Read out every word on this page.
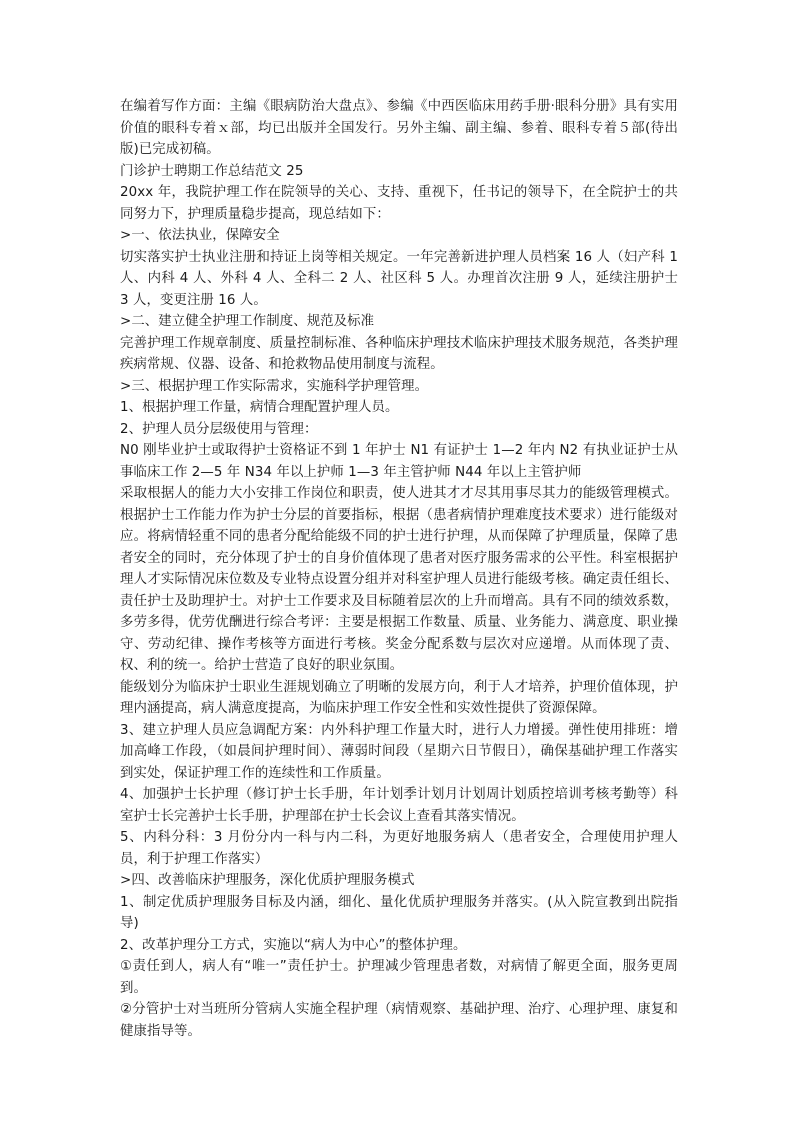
在编着写作方面：主编《眼病防治大盘点》、参编《中西医临床用药手册·眼科分册》具有实用价值的眼科专着ｘ部，均已出版并全国发行。另外主编、副主编、参着、眼科专着５部(待出版)已完成初稿。

门诊护士聘期工作总结范文 25

20xx 年，我院护理工作在院领导的关心、支持、重视下，任书记的领导下，在全院护士的共同努力下，护理质量稳步提高，现总结如下：

>一、依法执业，保障安全

切实落实护士执业注册和持证上岗等相关规定。一年完善新进护理人员档案 16 人（妇产科 1 人、内科 4 人、外科 4 人、全科二 2 人、社区科 5 人。办理首次注册 9 人，延续注册护士 3 人，变更注册 16 人。

>二、建立健全护理工作制度、规范及标准

完善护理工作规章制度、质量控制标准、各种临床护理技术临床护理技术服务规范，各类护理疾病常规、仪器、设备、和抢救物品使用制度与流程。

>三、根据护理工作实际需求，实施科学护理管理。

1、根据护理工作量，病情合理配置护理人员。

2、护理人员分层级使用与管理：

N0 刚毕业护士或取得护士资格证不到 1 年护士 N1 有证护士 1—2 年内 N2 有执业证护士从事临床工作 2—5 年 N34 年以上护师 1—3 年主管护师 N44 年以上主管护师

采取根据人的能力大小安排工作岗位和职责，使人进其才才尽其用事尽其力的能级管理模式。根据护士工作能力作为护士分层的首要指标，根据（患者病情护理难度技术要求）进行能级对应。将病情轻重不同的患者分配给能级不同的护士进行护理，从而保障了护理质量，保障了患者安全的同时，充分体现了护士的自身价值体现了患者对医疗服务需求的公平性。科室根据护理人才实际情况床位数及专业特点设置分组并对科室护理人员进行能级考核。确定责任组长、责任护士及助理护士。对护士工作要求及目标随着层次的上升而增高。具有不同的绩效系数，多劳多得，优劳优酬进行综合考评：主要是根据工作数量、质量、业务能力、满意度、职业操守、劳动纪律、操作考核等方面进行考核。奖金分配系数与层次对应递增。从而体现了责、权、利的统一。给护士营造了良好的职业氛围。

能级划分为临床护士职业生涯规划确立了明晰的发展方向，利于人才培养，护理价值体现，护理内涵提高，病人满意度提高，为临床护理工作安全性和实效性提供了资源保障。

3、建立护理人员应急调配方案：内外科护理工作量大时，进行人力增援。弹性使用排班：增加高峰工作段，（如晨间护理时间）、薄弱时间段（星期六日节假日），确保基础护理工作落实到实处，保证护理工作的连续性和工作质量。

4、加强护士长护理（修订护士长手册，年计划季计划月计划周计划质控培训考核考勤等）科室护士长完善护士长手册，护理部在护士长会议上查看其落实情况。

5、内科分科：3 月份分内一科与内二科，为更好地服务病人（患者安全，合理使用护理人员，利于护理工作落实）

>四、改善临床护理服务，深化优质护理服务模式

1、制定优质护理服务目标及内涵，细化、量化优质护理服务并落实。(从入院宣教到出院指导)

2、改革护理分工方式，实施以“病人为中心”的整体护理。

①责任到人，病人有“唯一”责任护士。护理减少管理患者数，对病情了解更全面，服务更周到。

②分管护士对当班所分管病人实施全程护理（病情观察、基础护理、治疗、心理护理、康复和健康指导等。
